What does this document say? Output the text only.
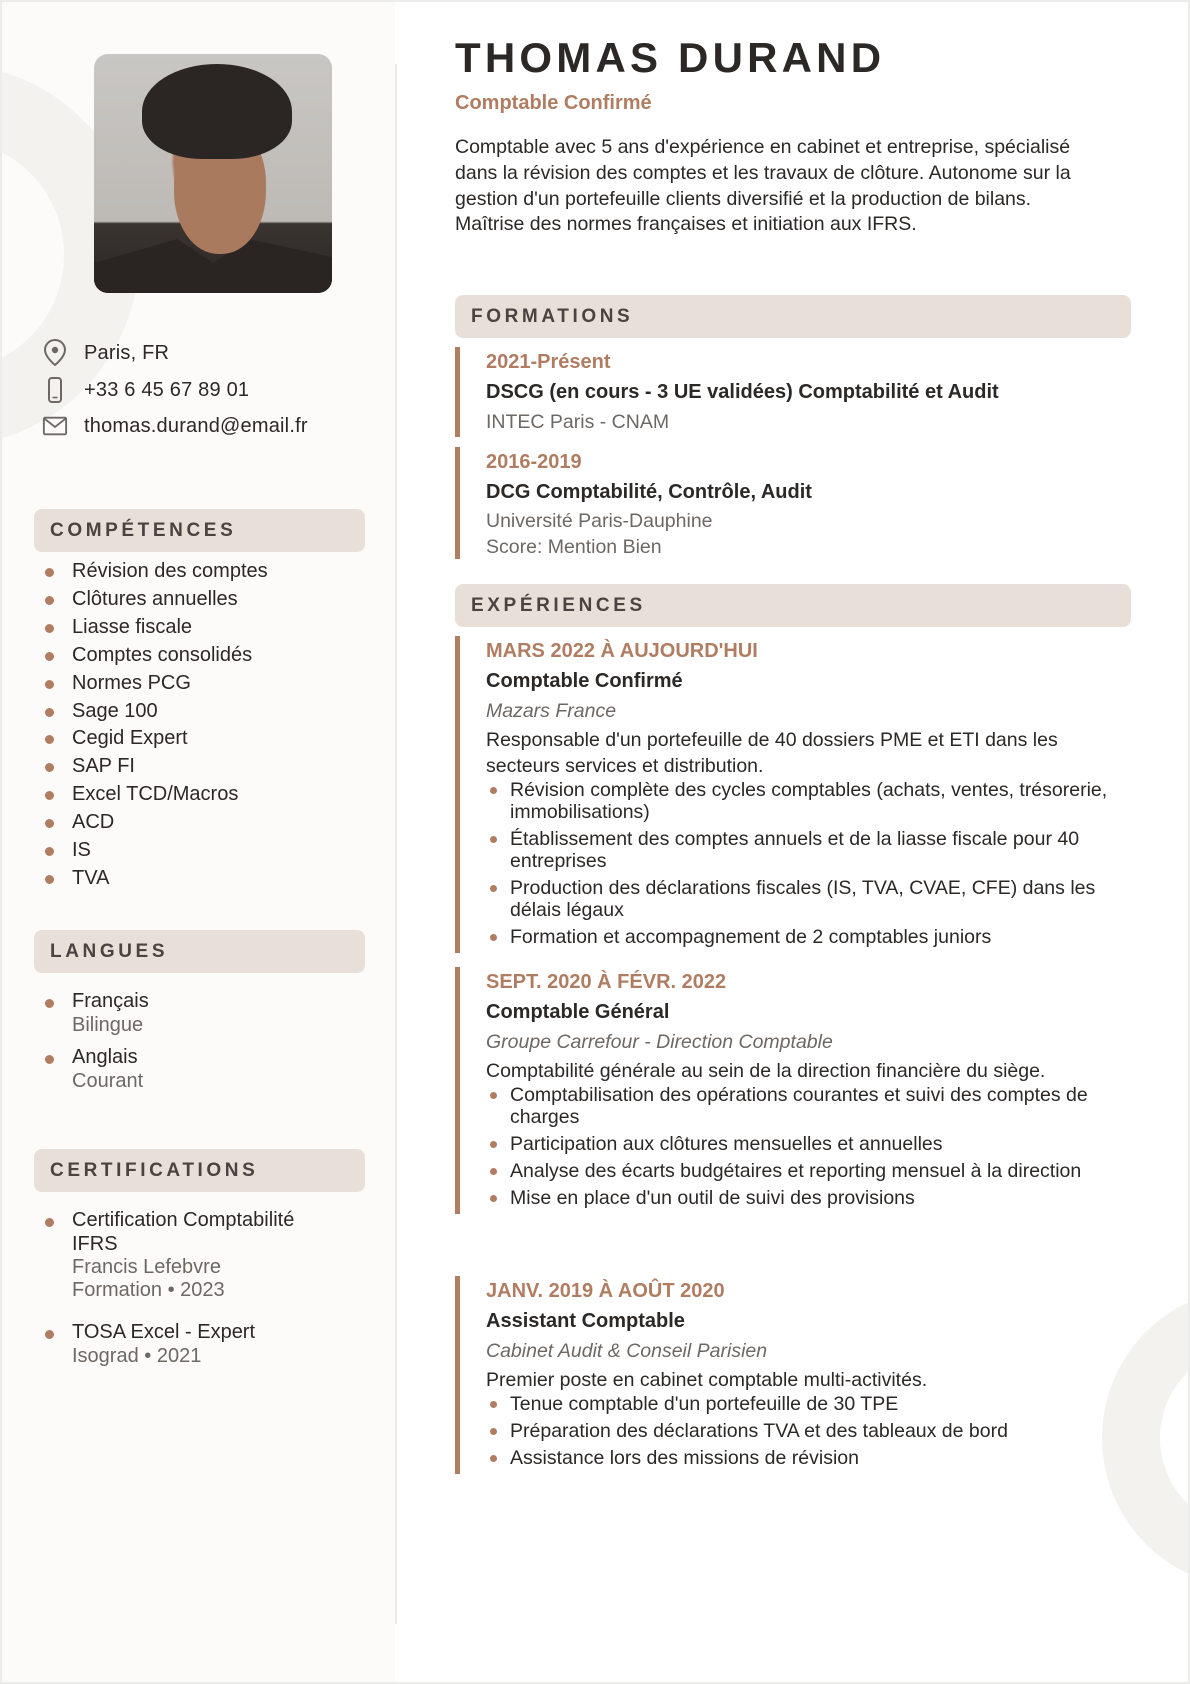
Paris, FR
+33 6 45 67 89 01
thomas.durand@email.fr
COMPÉTENCES
Révision des comptes
Clôtures annuelles
Liasse fiscale
Comptes consolidés
Normes PCG
Sage 100
Cegid Expert
SAP FI
Excel TCD/Macros
ACD
IS
TVA
LANGUES
Français
Bilingue
Anglais
Courant
CERTIFICATIONS
Certification Comptabilité IFRS
Francis Lefebvre Formation • 2023
TOSA Excel - Expert
Isograd • 2021
THOMAS DURAND
Comptable Confirmé
Comptable avec 5 ans d'expérience en cabinet et entreprise, spécialisé dans la révision des comptes et les travaux de clôture. Autonome sur la gestion d'un portefeuille clients diversifié et la production de bilans. Maîtrise des normes françaises et initiation aux IFRS.
FORMATIONS
2021-Présent
DSCG (en cours - 3 UE validées) Comptabilité et Audit
INTEC Paris - CNAM
2016-2019
DCG Comptabilité, Contrôle, Audit
Université Paris-Dauphine
Score: Mention Bien
EXPÉRIENCES
MARS 2022 À AUJOURD'HUI
Comptable Confirmé
Mazars France
Responsable d'un portefeuille de 40 dossiers PME et ETI dans les secteurs services et distribution.
Révision complète des cycles comptables (achats, ventes, trésorerie, immobilisations)
Établissement des comptes annuels et de la liasse fiscale pour 40 entreprises
Production des déclarations fiscales (IS, TVA, CVAE, CFE) dans les délais légaux
Formation et accompagnement de 2 comptables juniors
SEPT. 2020 À FÉVR. 2022
Comptable Général
Groupe Carrefour - Direction Comptable
Comptabilité générale au sein de la direction financière du siège.
Comptabilisation des opérations courantes et suivi des comptes de charges
Participation aux clôtures mensuelles et annuelles
Analyse des écarts budgétaires et reporting mensuel à la direction
Mise en place d'un outil de suivi des provisions
JANV. 2019 À AOÛT 2020
Assistant Comptable
Cabinet Audit & Conseil Parisien
Premier poste en cabinet comptable multi-activités.
Tenue comptable d'un portefeuille de 30 TPE
Préparation des déclarations TVA et des tableaux de bord
Assistance lors des missions de révision
